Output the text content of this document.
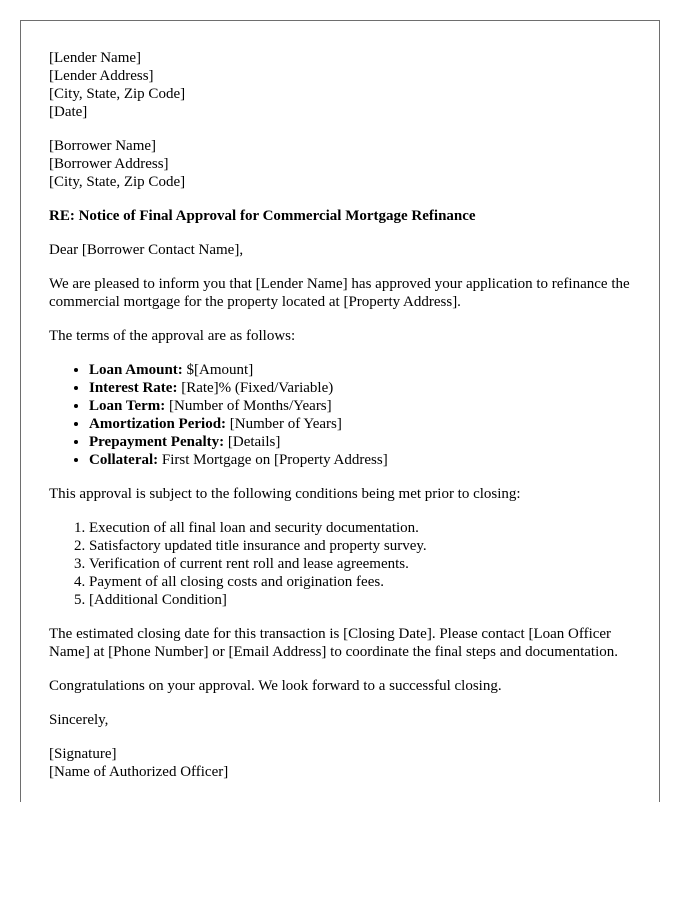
[Lender Name]
[Lender Address]
[City, State, Zip Code]
[Date]
[Borrower Name]
[Borrower Address]
[City, State, Zip Code]

RE: Notice of Final Approval for Commercial Mortgage Refinance

Dear [Borrower Contact Name],

We are pleased to inform you that [Lender Name] has approved your application to refinance the commercial mortgage for the property located at [Property Address].

The terms of the approval are as follows:

• Loan Amount: $[Amount]
• Interest Rate: [Rate]% (Fixed/Variable)
• Loan Term: [Number of Months/Years]
• Amortization Period: [Number of Years]
• Prepayment Penalty: [Details]
• Collateral: First Mortgage on [Property Address]

This approval is subject to the following conditions being met prior to closing:

1. Execution of all final loan and security documentation.
2. Satisfactory updated title insurance and property survey.
3. Verification of current rent roll and lease agreements.
4. Payment of all closing costs and origination fees.
5. [Additional Condition]

The estimated closing date for this transaction is [Closing Date]. Please contact [Loan Officer Name] at [Phone Number] or [Email Address] to coordinate the final steps and documentation.

Congratulations on your approval. We look forward to a successful closing.

Sincerely,

[Signature]
[Name of Authorized Officer]
